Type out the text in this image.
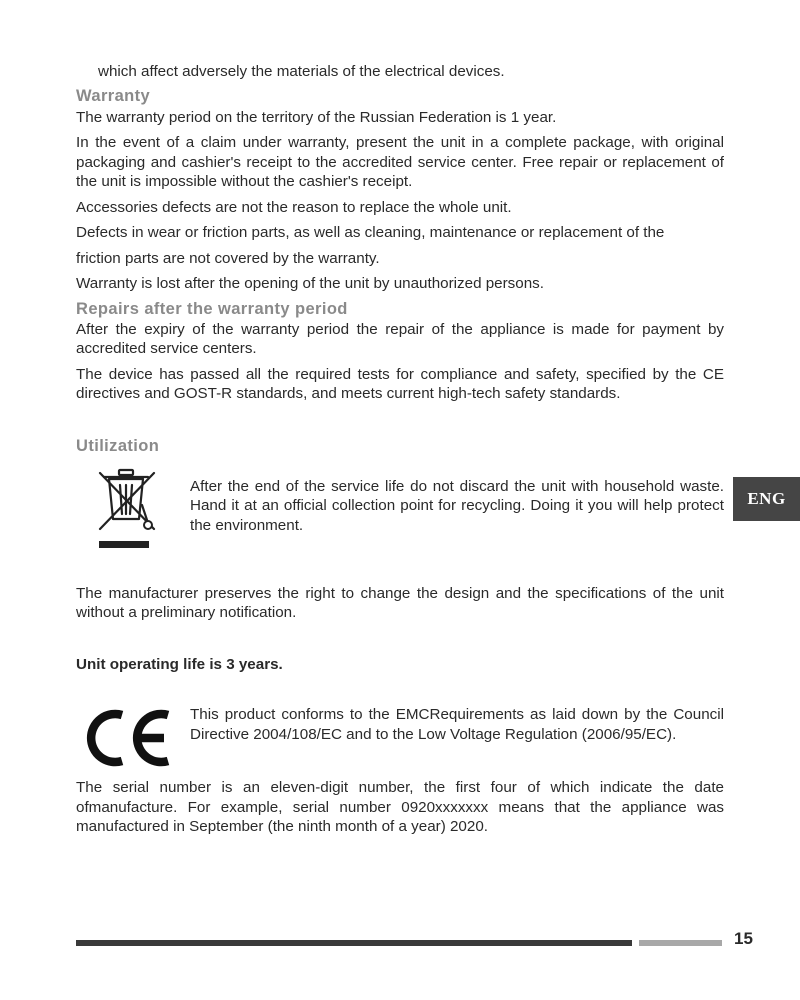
which affect adversely the materials of the electrical devices.

Warranty

The warranty period on the territory of the Russian Federation is 1 year.

In the event of a claim under warranty, present the unit in a complete package, with original packaging and cashier's receipt to the accredited service center. Free repair or replacement of the unit is impossible without the cashier's receipt.

Accessories defects are not the reason to replace the whole unit.

Defects in wear or friction parts, as well as cleaning, maintenance or replacement of the

friction parts are not covered by the warranty.

Warranty is lost after the opening of the unit by unauthorized persons.

Repairs after the warranty period

After the expiry of the warranty period the repair of the appliance is made for payment by accredited service centers.

The device has passed all the required tests for compliance and safety, specified by the CE directives and GOST-R standards, and meets current high-tech safety standards.

Utilization

After the end of the service life do not discard the unit with household waste. Hand it at an official collection point for recycling. Doing it you will help protect the environment.

The manufacturer preserves the right to change the design and the specifications of the unit without a preliminary notification.

Unit operating life is 3 years.

This product conforms to the EMCRequirements as laid down by the Council Directive 2004/108/EC and to the Low Voltage Regulation (2006/95/EC).

The serial number is an eleven-digit number, the first four of which indicate the date ofmanufacture. For example, serial number 0920xxxxxxx means that the appliance was manufactured in September (the ninth month of a year) 2020.

ENG
15
